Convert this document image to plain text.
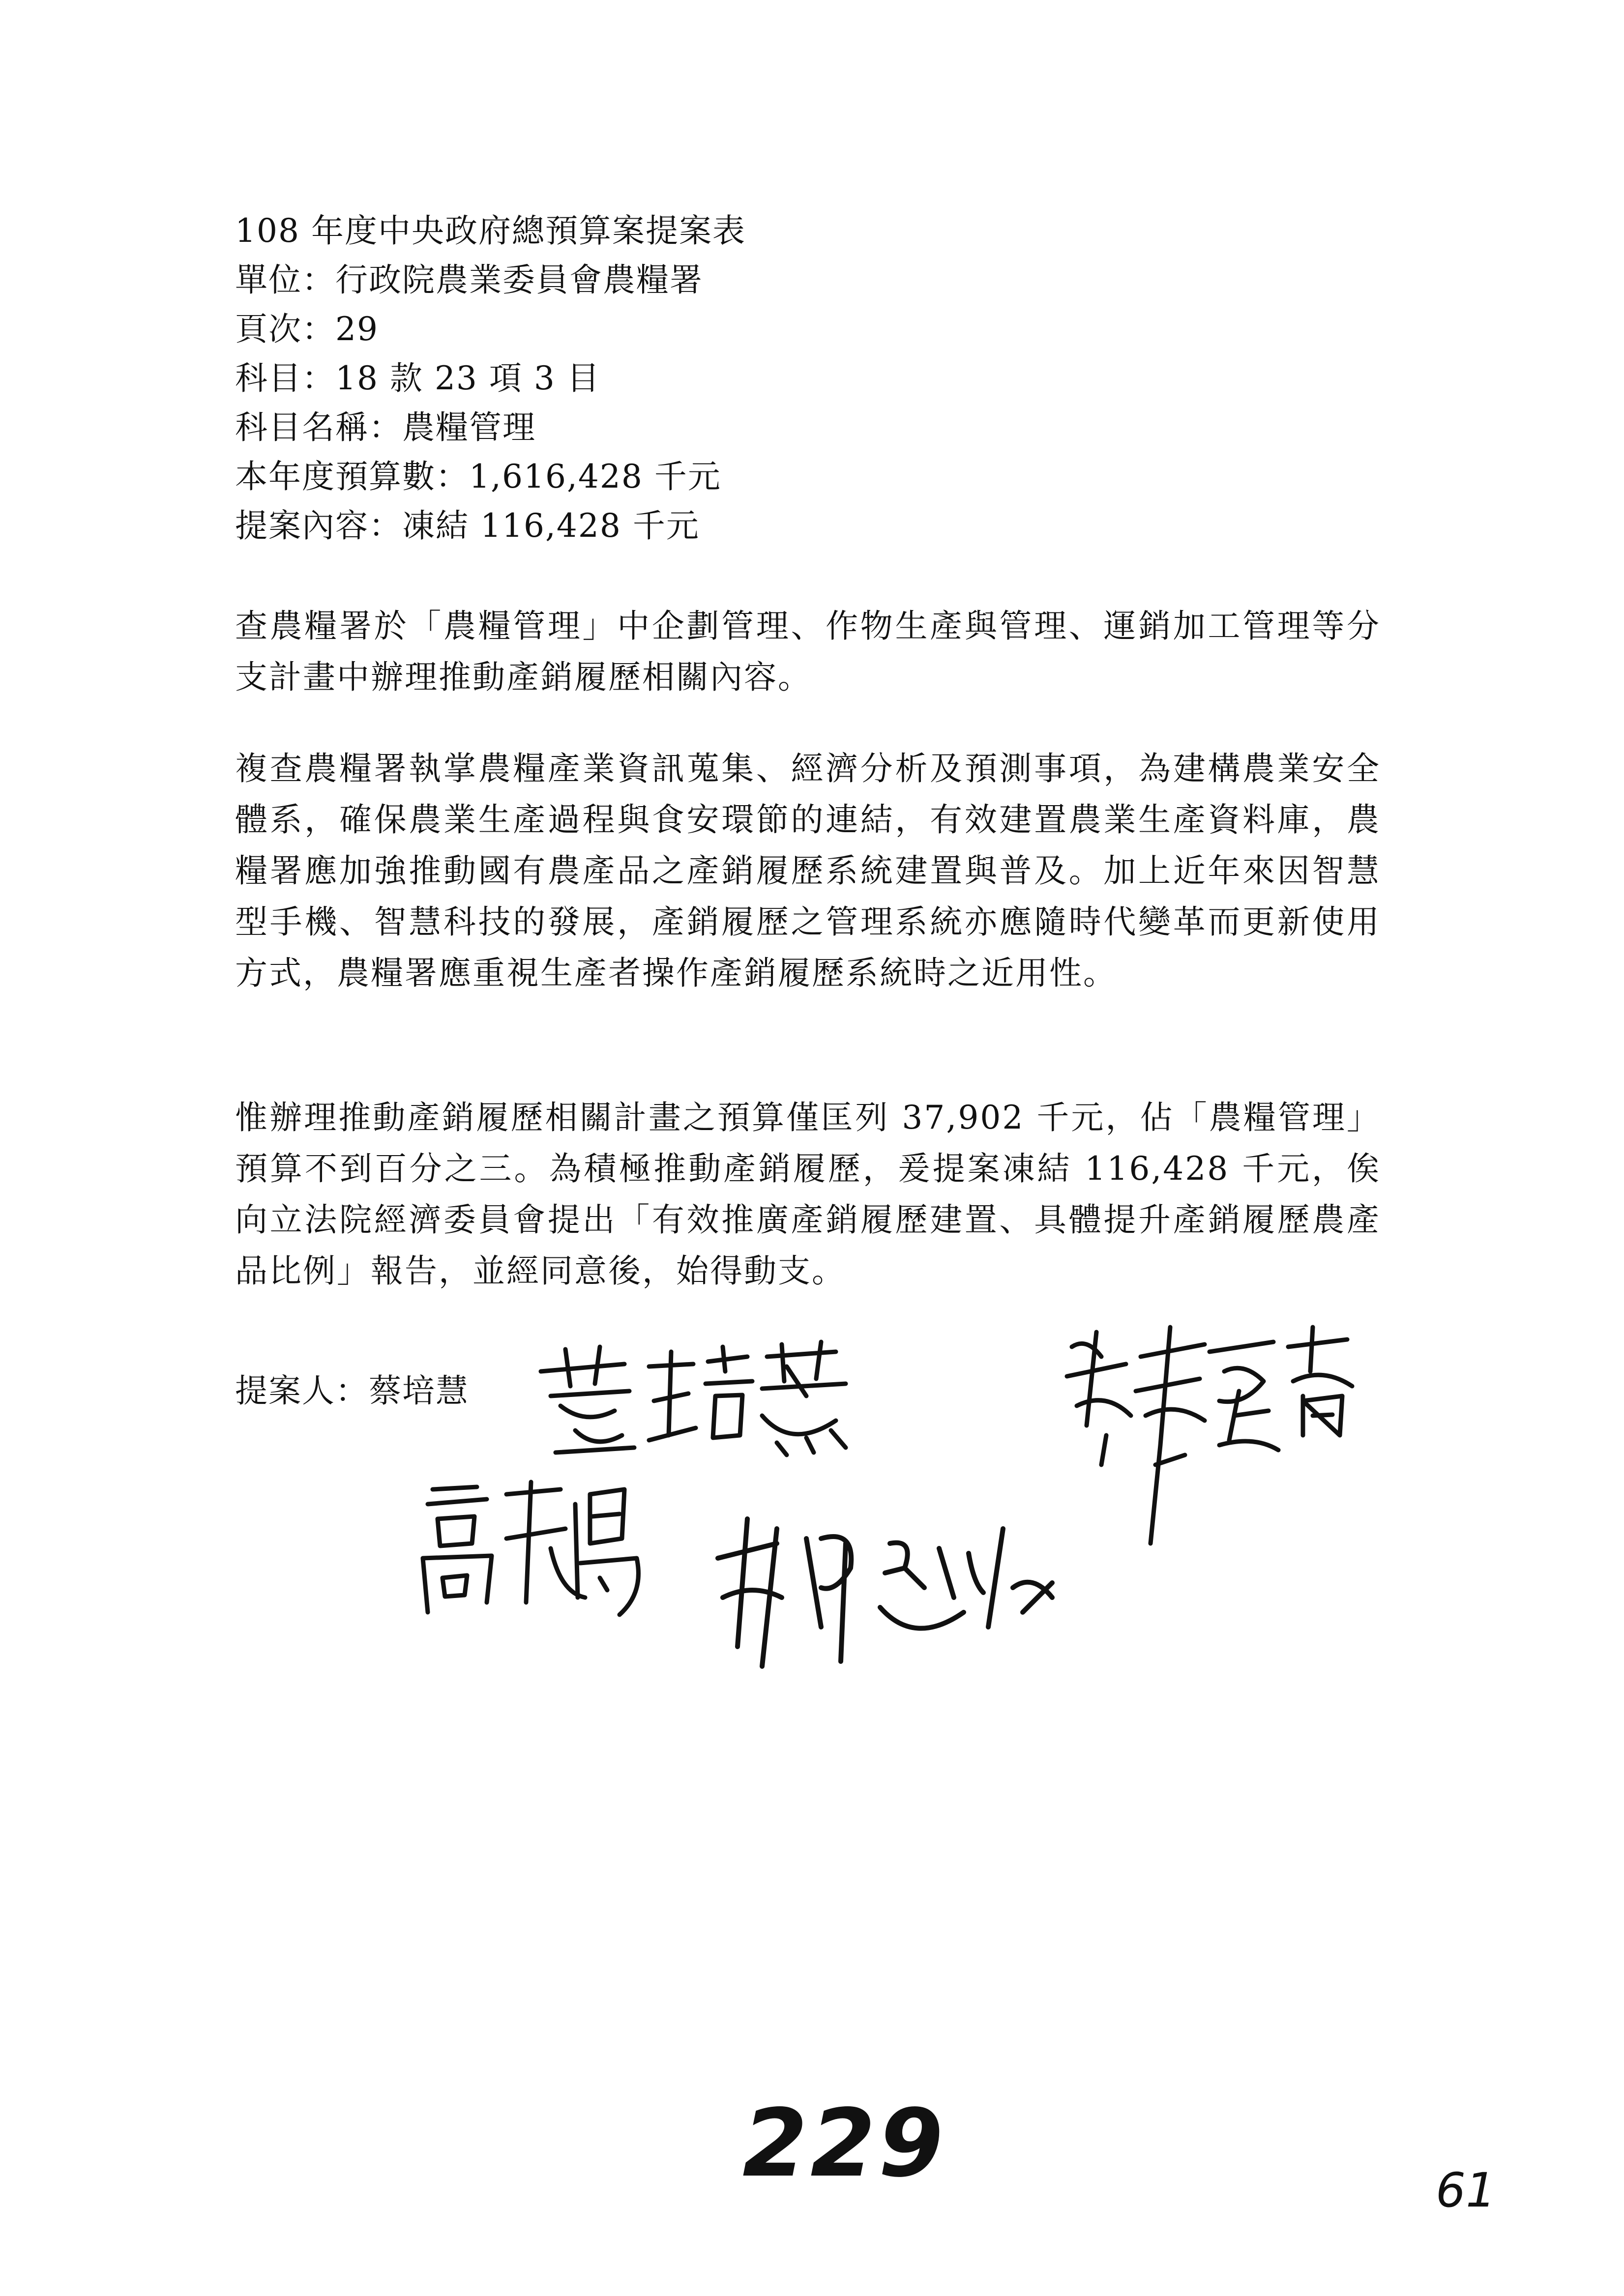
108 年度中央政府總預算案提案表
單位：行政院農業委員會農糧署
頁次：29
科目：18 款 23 項 3 目
科目名稱：農糧管理
本年度預算數：1,616,428 千元
提案內容：凍結 116,428 千元
查農糧署於「農糧管理」中企劃管理、作物生產與管理、運銷加工管理等分支計畫中辦理推動產銷履歷相關內容。
複查農糧署執掌農糧產業資訊蒐集、經濟分析及預測事項，為建構農業安全體系，確保農業生產過程與食安環節的連結，有效建置農業生產資料庫，農糧署應加強推動國有農產品之產銷履歷系統建置與普及。加上近年來因智慧型手機、智慧科技的發展，產銷履歷之管理系統亦應隨時代變革而更新使用方式，農糧署應重視生產者操作產銷履歷系統時之近用性。
惟辦理推動產銷履歷相關計畫之預算僅匡列 37,902 千元，佔「農糧管理」預算不到百分之三。為積極推動產銷履歷，爰提案凍結 116,428 千元，俟向立法院經濟委員會提出「有效推廣產銷履歷建置、具體提升產銷履歷農產品比例」報告，並經同意後，始得動支。
提案人：蔡培慧
229	61
